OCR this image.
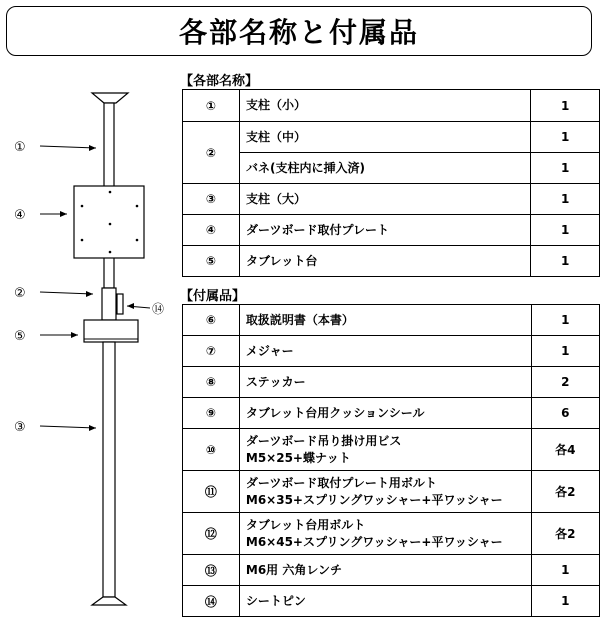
各部名称と付属品
①
④
②
⑤
③
⑭
【各部名称】
①	支柱（小）	1
②	支柱（中）	1
	バネ(支柱内に挿入済)	1
③	支柱（大）	1
④	ダーツボード取付プレート	1
⑤	タブレット台	1
【付属品】
⑥	取扱説明書（本書）	1
⑦	メジャー	1
⑧	ステッカー	2
⑨	タブレット台用クッションシール	6
⑩	ダーツボード吊り掛け用ビス
M5×25+蝶ナット	各4
⑪	ダーツボード取付プレート用ボルト
M6×35+スプリングワッシャー+平ワッシャー	各2
⑫	タブレット台用ボルト
M6×45+スプリングワッシャー+平ワッシャー	各2
⑬	M6用 六角レンチ	1
⑭	シートピン	1
